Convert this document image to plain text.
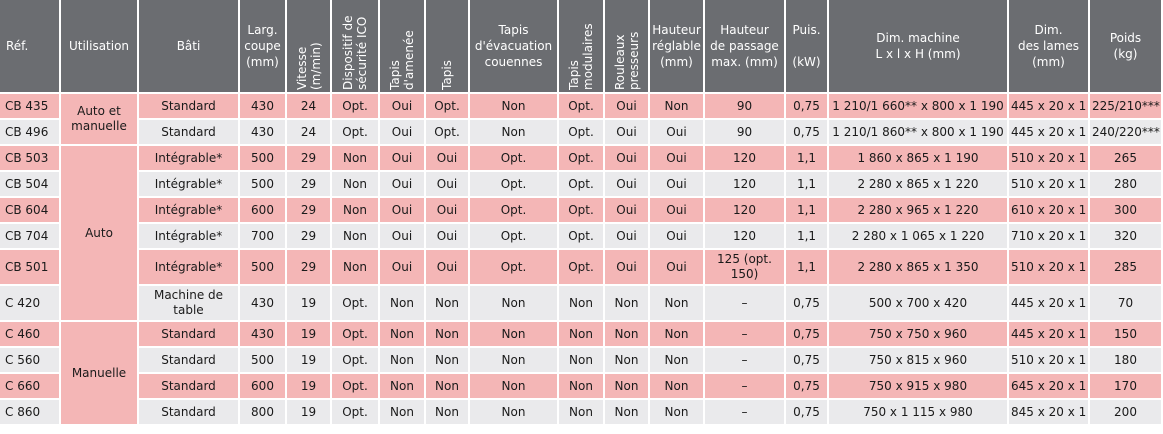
Réf.	Utilisation	Bâti	Larg.
coupe
(mm)	Vitesse
(m/min)	Dispositif de
sécurité ICO	Tapis
d'amenée	Tapis	Tapis
d'évacuation
couennes	Tapis
modulaires	Rouleaux
presseurs	Hauteur
réglable
(mm)	Hauteur
de passage
max. (mm)	Puis.

(kW)	Dim. machine
L x l x H (mm)	Dim.
des lames
(mm)	Poids
(kg)
CB 435	Auto et
manuelle	Standard	430	24	Opt.	Oui	Opt.	Non	Opt.	Oui	Non	90	0,75	1 210/1 660** x 800 x 1 190	445 x 20 x 1	225/210***
CB 496		Standard	430	24	Opt.	Oui	Opt.	Non	Opt.	Oui	Oui	90	0,75	1 210/1 860** x 800 x 1 190	445 x 20 x 1	240/220***
CB 503	Auto	Intégrable*	500	29	Non	Oui	Oui	Opt.	Opt.	Oui	Oui	120	1,1	1 860 x 865 x 1 190	510 x 20 x 1	265
CB 504		Intégrable*	500	29	Non	Oui	Oui	Opt.	Opt.	Oui	Oui	120	1,1	2 280 x 865 x 1 220	510 x 20 x 1	280
CB 604		Intégrable*	600	29	Non	Oui	Oui	Opt.	Opt.	Oui	Oui	120	1,1	2 280 x 965 x 1 220	610 x 20 x 1	300
CB 704		Intégrable*	700	29	Non	Oui	Oui	Opt.	Opt.	Oui	Oui	120	1,1	2 280 x 1 065 x 1 220	710 x 20 x 1	320
CB 501		Intégrable*	500	29	Non	Oui	Oui	Opt.	Opt.	Oui	Oui	125 (opt.
150)	1,1	2 280 x 865 x 1 350	510 x 20 x 1	285
C 420		Machine de
table	430	19	Opt.	Non	Non	Non	Non	Non	Non	–	0,75	500 x 700 x 420	445 x 20 x 1	70
C 460	Manuelle	Standard	430	19	Opt.	Non	Non	Non	Non	Non	Non	–	0,75	750 x 750 x 960	445 x 20 x 1	150
C 560		Standard	500	19	Opt.	Non	Non	Non	Non	Non	Non	–	0,75	750 x 815 x 960	510 x 20 x 1	180
C 660		Standard	600	19	Opt.	Non	Non	Non	Non	Non	Non	–	0,75	750 x 915 x 980	645 x 20 x 1	170
C 860		Standard	800	19	Opt.	Non	Non	Non	Non	Non	Non	–	0,75	750 x 1 115 x 980	845 x 20 x 1	200
